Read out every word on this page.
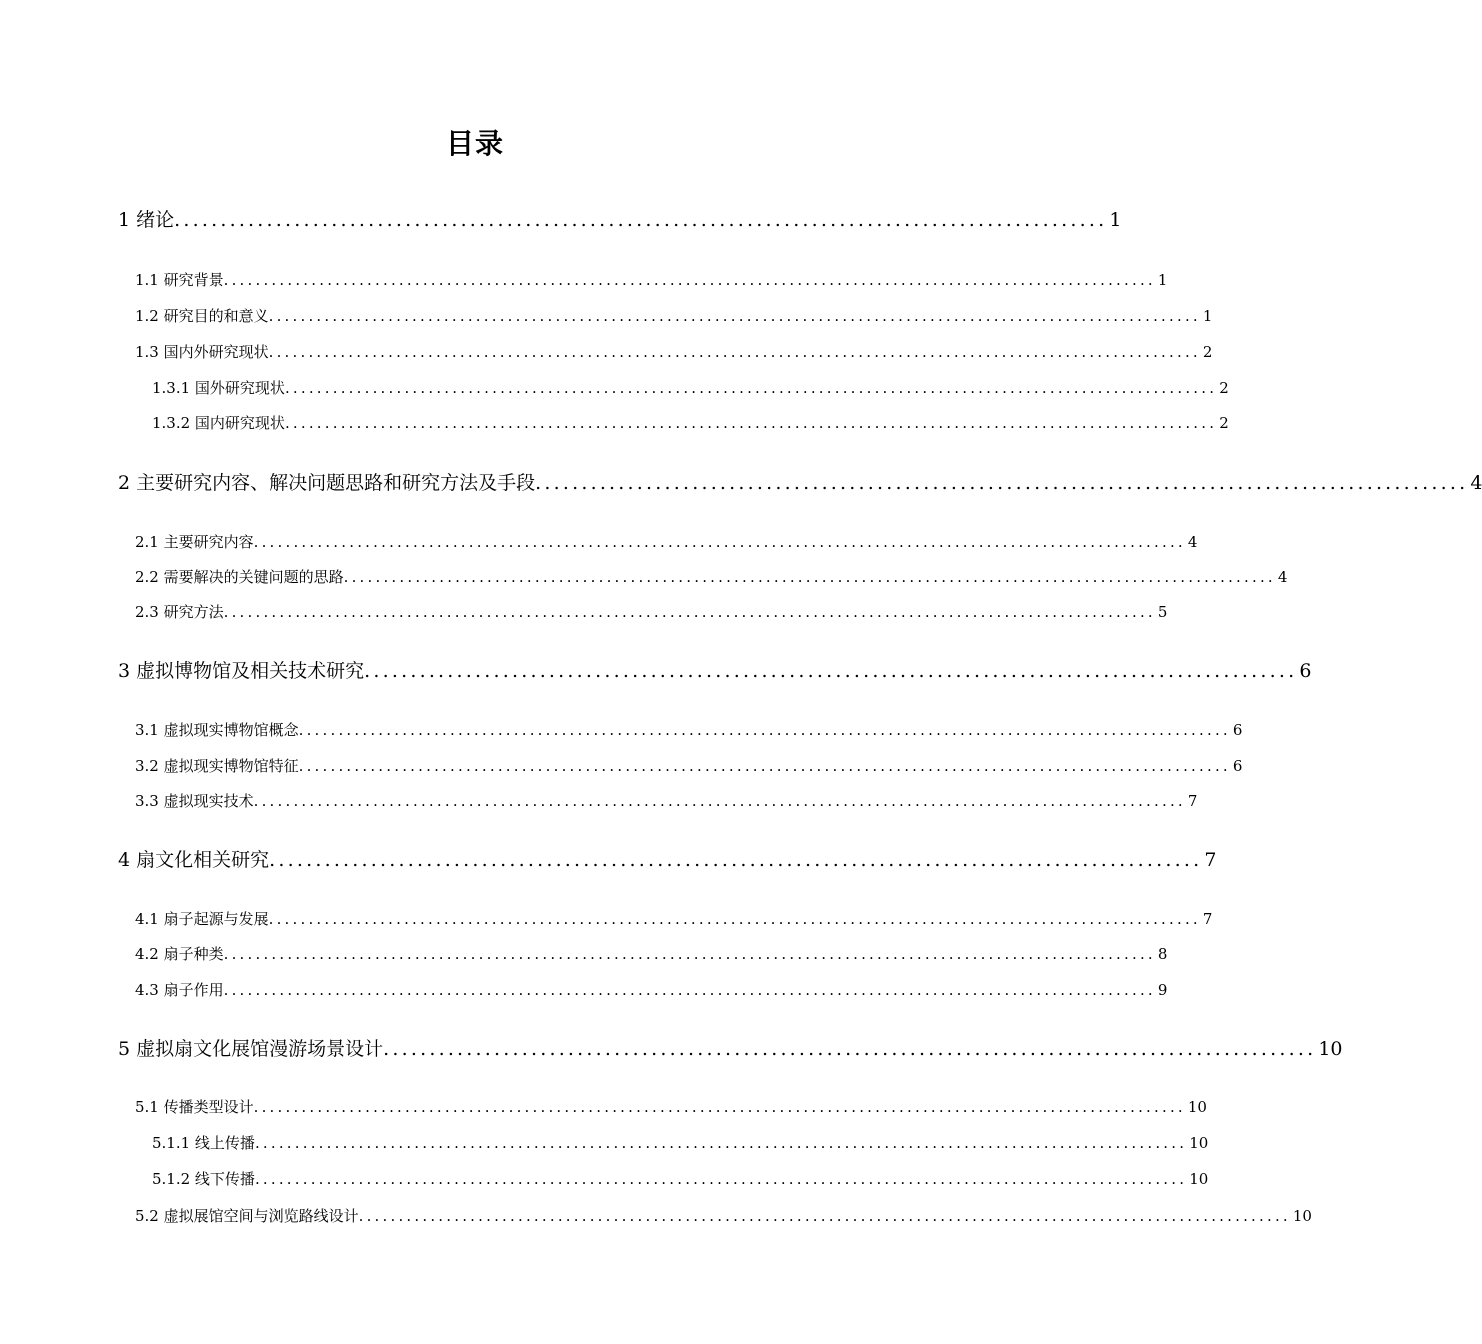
目录
1 绪论 ..................................................................................................... 1
1.1 研究背景 ..................................................................................................................... 1
1.2 研究目的和意义 ..................................................................................................................... 1
1.3 国内外研究现状 ..................................................................................................................... 2
1.3.1 国外研究现状 ..................................................................................................................... 2
1.3.2 国内研究现状 ..................................................................................................................... 2
2 主要研究内容、解决问题思路和研究方法及手段 ..................................................................................................... 4
2.1 主要研究内容 ..................................................................................................................... 4
2.2 需要解决的关键问题的思路 ..................................................................................................................... 4
2.3 研究方法 ..................................................................................................................... 5
3 虚拟博物馆及相关技术研究 ..................................................................................................... 6
3.1 虚拟现实博物馆概念 ..................................................................................................................... 6
3.2 虚拟现实博物馆特征 ..................................................................................................................... 6
3.3 虚拟现实技术 ..................................................................................................................... 7
4 扇文化相关研究 ..................................................................................................... 7
4.1 扇子起源与发展 ..................................................................................................................... 7
4.2 扇子种类 ..................................................................................................................... 8
4.3 扇子作用 ..................................................................................................................... 9
5 虚拟扇文化展馆漫游场景设计 ..................................................................................................... 10
5.1 传播类型设计 ..................................................................................................................... 10
5.1.1 线上传播 ..................................................................................................................... 10
5.1.2 线下传播 ..................................................................................................................... 10
5.2 虚拟展馆空间与浏览路线设计 ..................................................................................................................... 10
